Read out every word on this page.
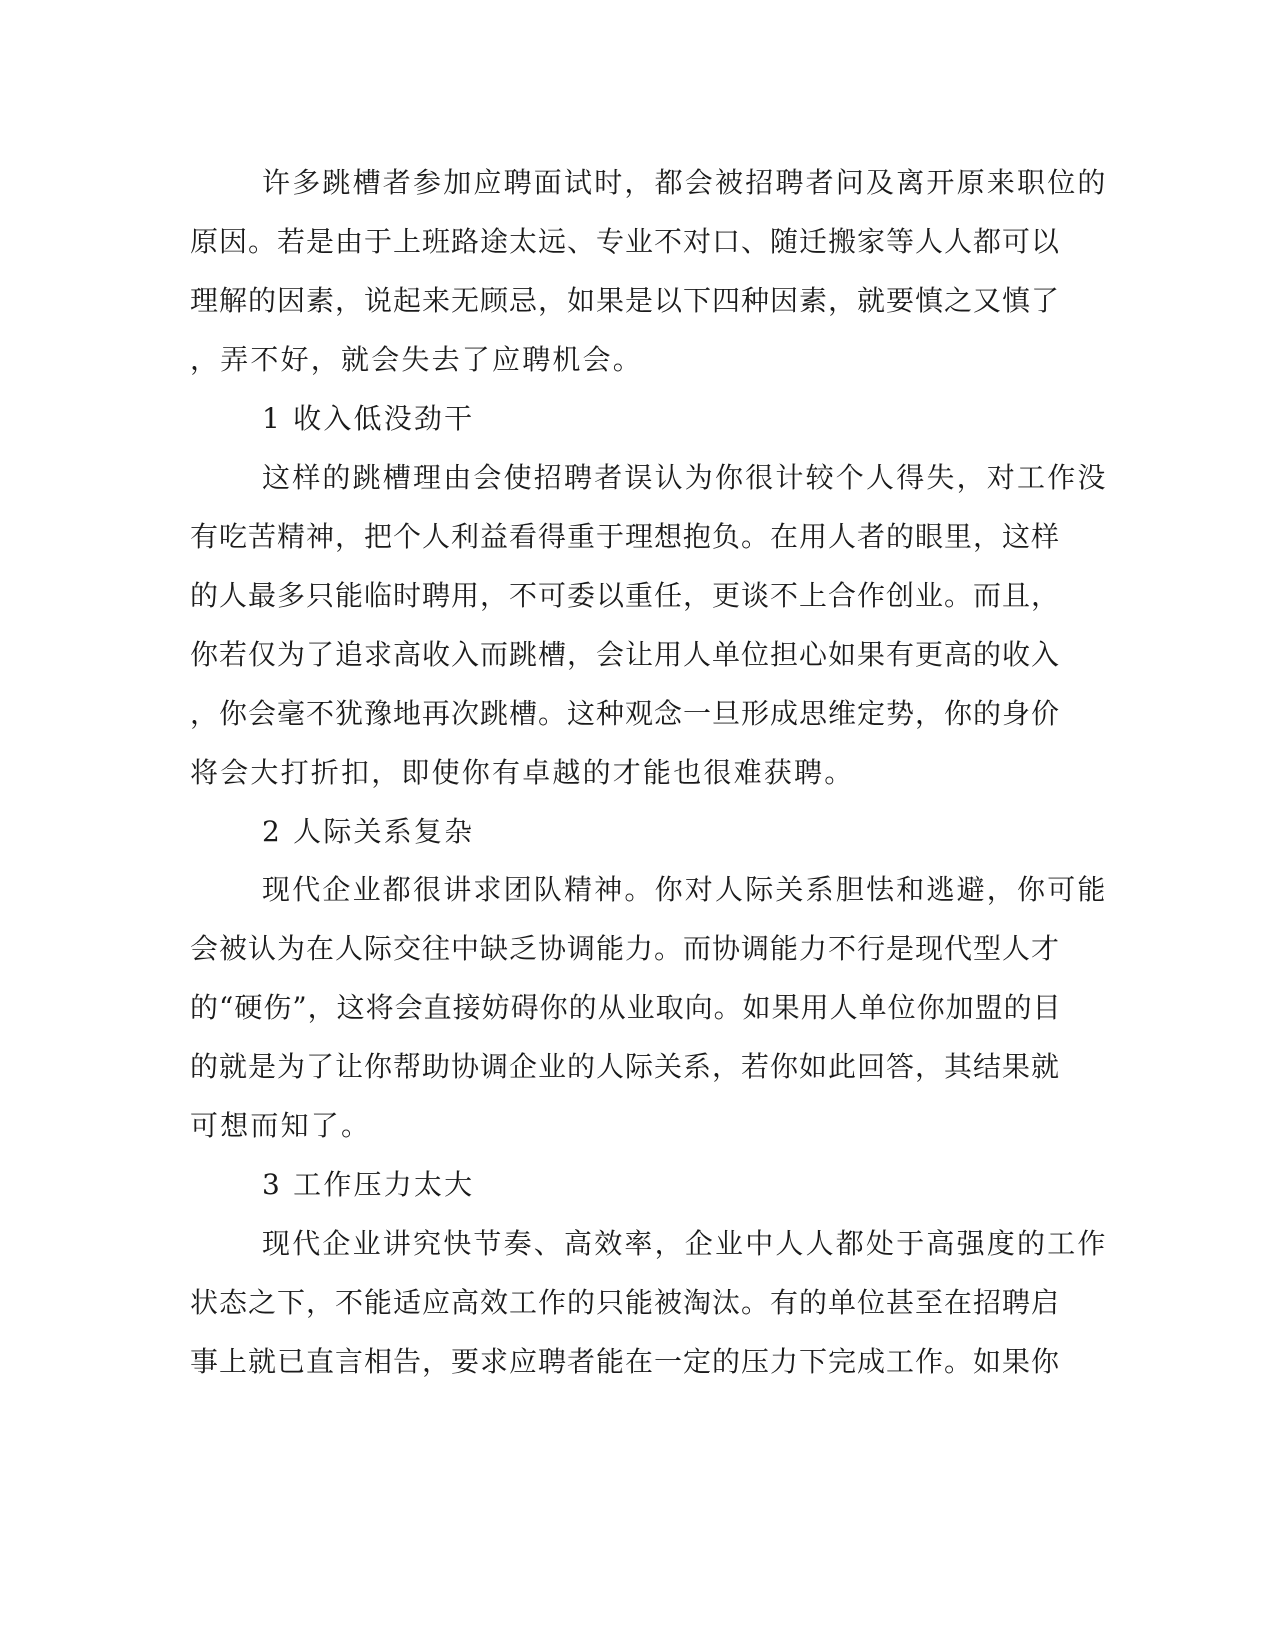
许多跳槽者参加应聘面试时，都会被招聘者问及离开原来职位的
原因。若是由于上班路途太远、专业不对口、随迁搬家等人人都可以
理解的因素，说起来无顾忌，如果是以下四种因素，就要慎之又慎了
，弄不好，就会失去了应聘机会。
1 收入低没劲干
这样的跳槽理由会使招聘者误认为你很计较个人得失，对工作没
有吃苦精神，把个人利益看得重于理想抱负。在用人者的眼里，这样
的人最多只能临时聘用，不可委以重任，更谈不上合作创业。而且，
你若仅为了追求高收入而跳槽，会让用人单位担心如果有更高的收入
，你会毫不犹豫地再次跳槽。这种观念一旦形成思维定势，你的身价
将会大打折扣，即使你有卓越的才能也很难获聘。
2 人际关系复杂
现代企业都很讲求团队精神。你对人际关系胆怯和逃避，你可能
会被认为在人际交往中缺乏协调能力。而协调能力不行是现代型人才
的“硬伤”，这将会直接妨碍你的从业取向。如果用人单位你加盟的目
的就是为了让你帮助协调企业的人际关系，若你如此回答，其结果就
可想而知了。
3 工作压力太大
现代企业讲究快节奏、高效率，企业中人人都处于高强度的工作
状态之下，不能适应高效工作的只能被淘汰。有的单位甚至在招聘启
事上就已直言相告，要求应聘者能在一定的压力下完成工作。如果你
